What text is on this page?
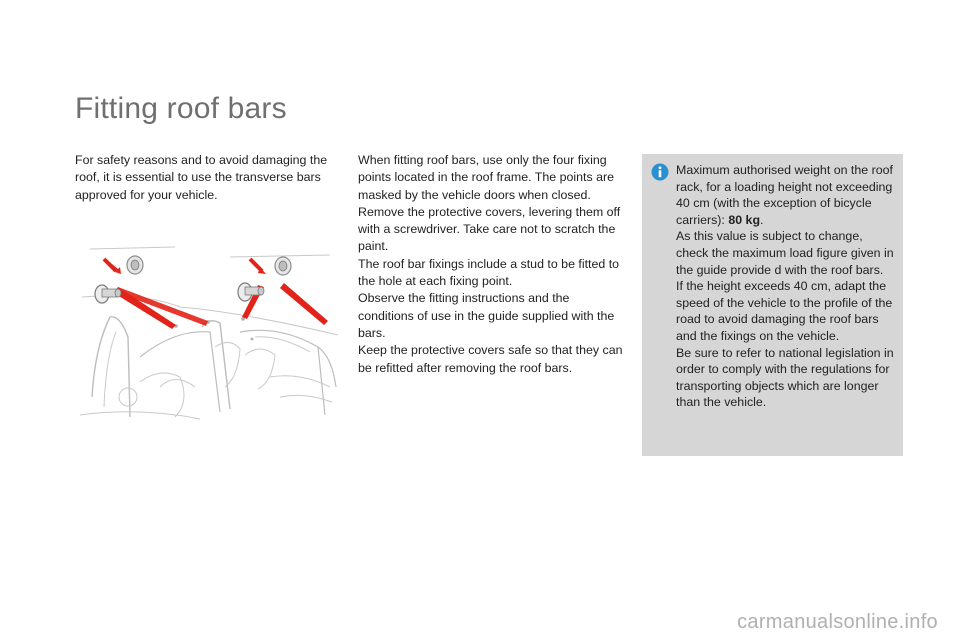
Fitting roof bars

For safety reasons and to avoid damaging the roof, it is essential to use the transverse bars approved for your vehicle.

When fitting roof bars, use only the four fixing points located in the roof frame. The points are masked by the vehicle doors when closed.

Remove the protective covers, levering them off with a screwdriver. Take care not to scratch the paint.

The roof bar fixings include a stud to be fitted to the hole at each fixing point.

Observe the fitting instructions and the conditions of use in the guide supplied with the bars.

Keep the protective covers safe so that they can be refitted after removing the roof bars.

Maximum authorised weight on the roof rack, for a loading height not exceeding 40 cm (with the exception of bicycle carriers): 80 kg.

As this value is subject to change, check the maximum load figure given in the guide provide d with the roof bars.

If the height exceeds 40 cm, adapt the speed of the vehicle to the profile of the road to avoid damaging the roof bars and the fixings on the vehicle.

Be sure to refer to national legislation in order to comply with the regulations for transporting objects which are longer than the vehicle.

carmanualsonline.info
